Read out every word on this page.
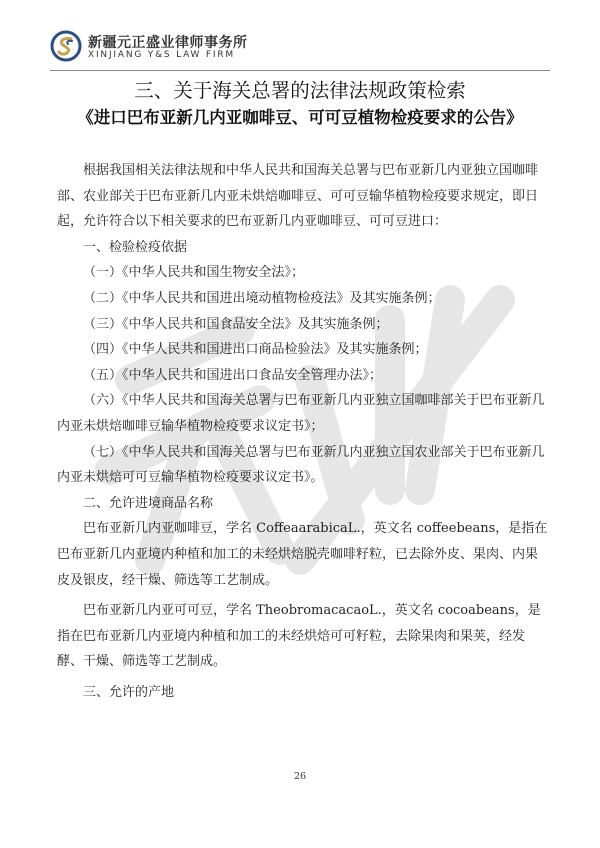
新疆元正盛业律师事务所
XINJIANG Y&S LAW FIRM
三、关于海关总署的法律法规政策检索
《进口巴布亚新几内亚咖啡豆、可可豆植物检疫要求的公告》

根据我国相关法律法规和中华人民共和国海关总署与巴布亚新几内亚独立国咖啡部、农业部关于巴布亚新几内亚未烘焙咖啡豆、可可豆输华植物检疫要求规定，即日起，允许符合以下相关要求的巴布亚新几内亚咖啡豆、可可豆进口：

一、检验检疫依据

（一）《中华人民共和国生物安全法》；

（二）《中华人民共和国进出境动植物检疫法》及其实施条例；

（三）《中华人民共和国食品安全法》及其实施条例；

（四）《中华人民共和国进出口商品检验法》及其实施条例；

（五）《中华人民共和国进出口食品安全管理办法》；

（六）《中华人民共和国海关总署与巴布亚新几内亚独立国咖啡部关于巴布亚新几内亚未烘焙咖啡豆输华植物检疫要求议定书》；

（七）《中华人民共和国海关总署与巴布亚新几内亚独立国农业部关于巴布亚新几内亚未烘焙可可豆输华植物检疫要求议定书》。

二、允许进境商品名称

巴布亚新几内亚咖啡豆，学名 CoffeaarabicaL.，英文名 coffeebeans，是指在巴布亚新几内亚境内种植和加工的未经烘焙脱壳咖啡籽粒，已去除外皮、果肉、内果皮及银皮，经干燥、筛选等工艺制成。

巴布亚新几内亚可可豆，学名 TheobromacacaoL.，英文名 cocoabeans，是指在巴布亚新几内亚境内种植和加工的未经烘焙可可籽粒，去除果肉和果荚，经发酵、干燥、筛选等工艺制成。

三、允许的产地

26
